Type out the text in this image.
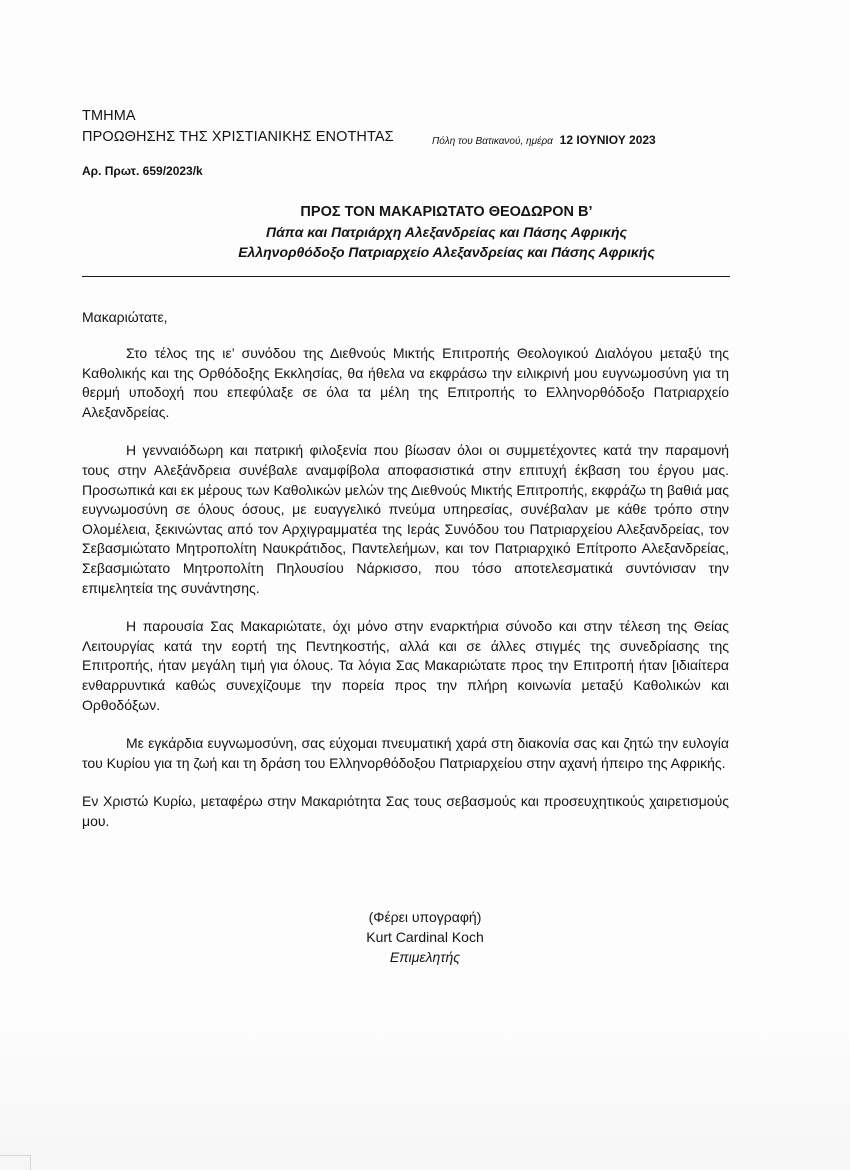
ΤΜΗΜΑ
ΠΡΟΩΘΗΣΗΣ ΤΗΣ ΧΡΙΣΤΙΑΝΙΚΗΣ ΕΝΟΤΗΤΑΣ	Πόλη του Βατικανού, ημέρα 12 ΙΟΥΝΙΟΥ 2023
Αρ. Πρωτ. 659/2023/k
ΠΡΟΣ ΤΟΝ ΜΑΚΑΡΙΩΤΑΤΟ ΘΕΟΔΩΡΟΝ Β’
Πάπα και Πατριάρχη Αλεξανδρείας και Πάσης Αφρικής
Ελληνορθόδοξο Πατριαρχείο Αλεξανδρείας και Πάσης Αφρικής
Μακαριώτατε,

Στο τέλος της ιε’ συνόδου της Διεθνούς Μικτής Επιτροπής Θεολογικού Διαλόγου μεταξύ της Καθολικής και της Ορθόδοξης Εκκλησίας, θα ήθελα να εκφράσω την ειλικρινή μου ευγνωμοσύνη για τη θερμή υποδοχή που επεφύλαξε σε όλα τα μέλη της Επιτροπής το Ελληνορθόδοξο Πατριαρχείο Αλεξανδρείας.

Η γενναιόδωρη και πατρική φιλοξενία που βίωσαν όλοι οι συμμετέχοντες κατά την παραμονή τους στην Αλεξάνδρεια συνέβαλε αναμφίβολα αποφασιστικά στην επιτυχή έκβαση του έργου μας. Προσωπικά και εκ μέρους των Καθολικών μελών της Διεθνούς Μικτής Επιτροπής, εκφράζω τη βαθιά μας ευγνωμοσύνη σε όλους όσους, με ευαγγελικό πνεύμα υπηρεσίας, συνέβαλαν με κάθε τρόπο στην Ολομέλεια, ξεκινώντας από τον Αρχιγραμματέα της Ιεράς Συνόδου του Πατριαρχείου Αλεξανδρείας, τον Σεβασμιώτατο Μητροπολίτη Ναυκράτιδος, Παντελεήμων, και τον Πατριαρχικό Επίτροπο Αλεξανδρείας, Σεβασμιώτατο Μητροπολίτη Πηλουσίου Νάρκισσο, που τόσο αποτελεσματικά συντόνισαν την επιμελητεία της συνάντησης.

Η παρουσία Σας Μακαριώτατε, όχι μόνο στην εναρκτήρια σύνοδο και στην τέλεση της Θείας Λειτουργίας κατά την εορτή της Πεντηκοστής, αλλά και σε άλλες στιγμές της συνεδρίασης της Επιτροπής, ήταν μεγάλη τιμή για όλους. Τα λόγια Σας Μακαριώτατε προς την Επιτροπή ήταν [ιδιαίτερα ενθαρρυντικά καθώς συνεχίζουμε την πορεία προς την πλήρη κοινωνία μεταξύ Καθολικών και Ορθοδόξων.

Με εγκάρδια ευγνωμοσύνη, σας εύχομαι πνευματική χαρά στη διακονία σας και ζητώ την ευλογία του Κυρίου για τη ζωή και τη δράση του Ελληνορθόδοξου Πατριαρχείου στην αχανή ήπειρο της Αφρικής.

Εν Χριστώ Κυρίω, μεταφέρω στην Μακαριότητα Σας τους σεβασμούς και προσευχητικούς χαιρετισμούς μου.

(Φέρει υπογραφή)
Kurt Cardinal Koch
Επιμελητής
